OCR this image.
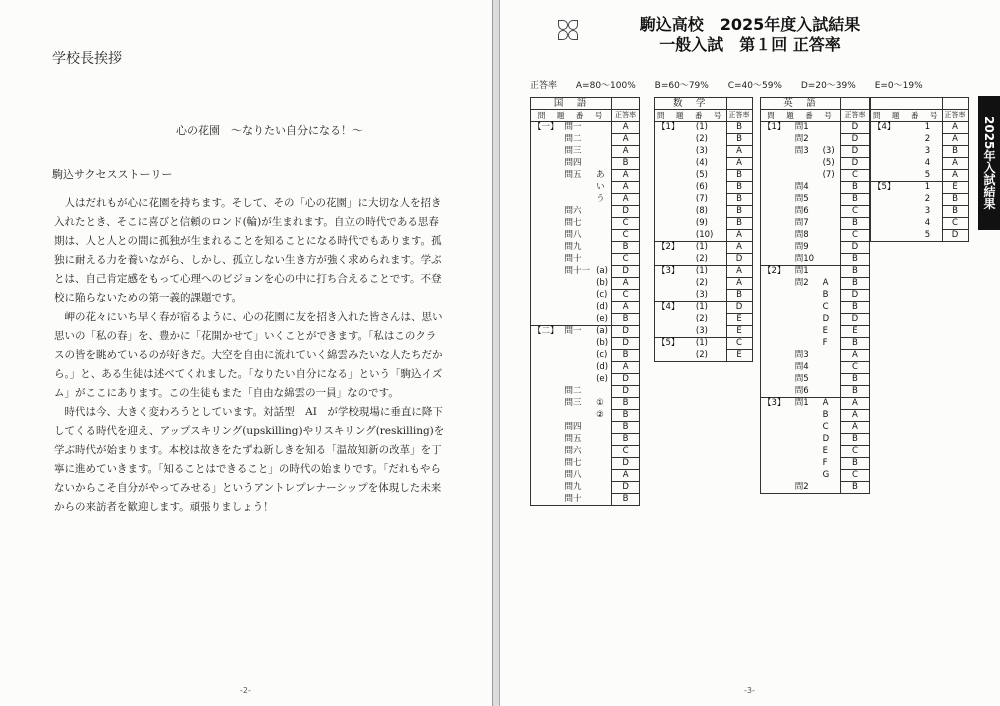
学校長挨拶
心の花園　～なりたい自分になる！～
駒込サクセスストーリー

人はだれもが心に花園を持ちます。そして、その「心の花園」に大切な人を招き入れたとき、そこに喜びと信頼のロンド(輪)が生まれます。自立の時代である思春期は、人と人との間に孤独が生まれることを知ることになる時代でもあります。孤独に耐える力を養いながら、しかし、孤立しない生き方が強く求められます。学ぶとは、自己肯定感をもって心理へのビジョンを心の中に打ち合えることです。不登校に陥らないための第一義的課題です。

岬の花々にいち早く春が宿るように、心の花園に友を招き入れた皆さんは、思い思いの「私の春」を、豊かに「花開かせて」いくことができます。「私はこのクラスの皆を眺めているのが好きだ。大空を自由に流れていく綿雲みたいな人たちだから。」と、ある生徒は述べてくれました。「なりたい自分になる」という「駒込イズム」がここにあります。この生徒もまた「自由な綿雲の一員」なのです。

時代は今、大きく変わろうとしています。対話型　AI　が学校現場に垂直に降下してくる時代を迎え、アップスキリング(upskilling)やリスキリング(reskilling)を学ぶ時代が始まります。本校は故きをたずね新しきを知る「温故知新の改革」を丁寧に進めていきます。「知ることはできること」の時代の始まりです。「だれもやらないからこそ自分がやってみせる」というアントレプレナーシップを体現した未来からの来訪者を歓迎します。頑張りましょう！

-2-
駒込高校　2025年度入試結果
一般入試　第１回 正答率
正答率 A=80～100% B=60～79% C=40～59% D=20～39% E=0～19%
国　語			
問　題　番　号			正答率
【一】	問一		A
	問二		A
	問三		A
	問四		B
	問五	あ	A
		い	A
		う	A
	問六		D
	問七		C
	問八		C
	問九		B
	問十		C
	問十一	(a)	D
		(b)	A
		(c)	C
		(d)	A
		(e)	B
【二】	問一	(a)	D
		(b)	D
		(c)	B
		(d)	A
		(e)	D
	問二		D
	問三	①	B
		②	B
	問四		B
	問五		B
	問六		C
	問七		D
	問八		A
	問九		D
	問十		B
数　学		
問　題　番　号		正答率
【1】	(1)	B
	(2)	B
	(3)	A
	(4)	A
	(5)	B
	(6)	B
	(7)	B
	(8)	B
	(9)	B
	(10)	A
【2】	(1)	A
	(2)	D
【3】	(1)	A
	(2)	A
	(3)	B
【4】	(1)	D
	(2)	E
	(3)	E
【5】	(1)	C
	(2)	E
英　語			
問　題　番　号			正答率
【1】	問1		D
	問2		D
	問3	(3)	D
		(5)	D
		(7)	C
	問4		B
	問5		B
	問6		C
	問7		B
	問8		C
	問9		D
	問10		B
【2】	問1		B
	問2	A	B
		B	D
		C	B
		D	D
		E	E
		F	B
	問3		A
	問4		C
	問5		B
	問6		B
【3】	問1	A	A
		B	A
		C	A
		D	B
		E	C
		F	B
		G	C
	問2		B

問　題　番　号		正答率
【4】	1	A
	2	A
	3	B
	4	A
	5	A
【5】	1	E
	2	B
	3	B
	4	C
	5	D
2025年入試結果
-3-
